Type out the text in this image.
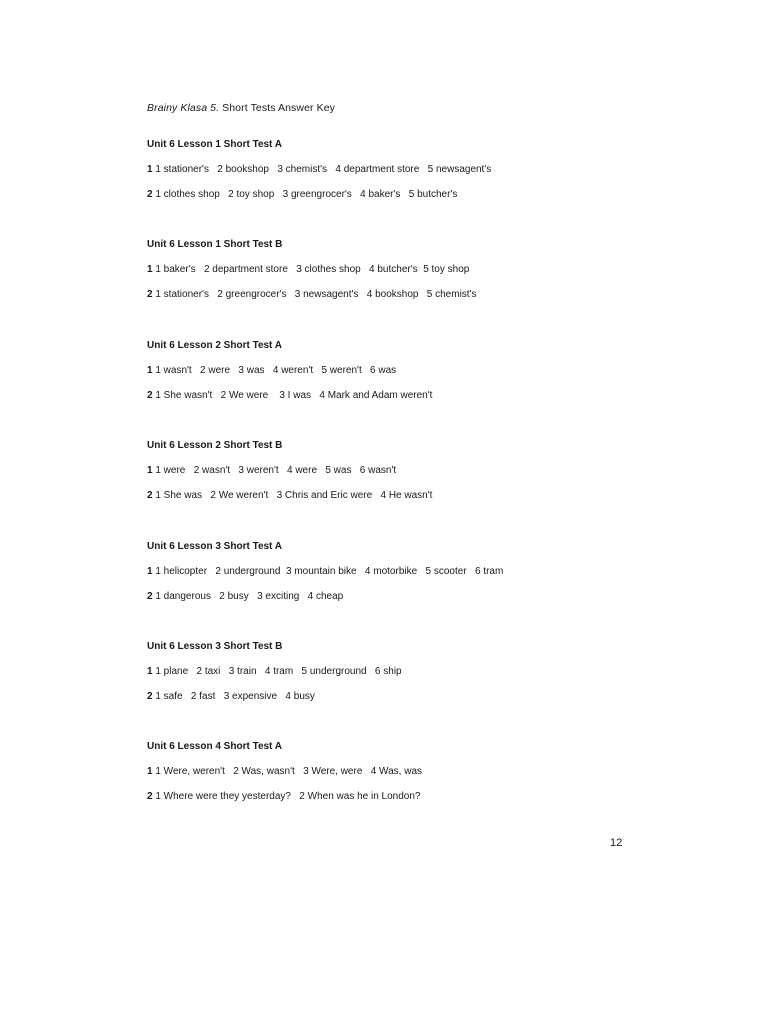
Brainy Klasa 5. Short Tests Answer Key

Unit 6 Lesson 1 Short Test A

1 1 stationer's   2 bookshop   3 chemist's   4 department store   5 newsagent's

2 1 clothes shop   2 toy shop   3 greengrocer's   4 baker's   5 butcher's

Unit 6 Lesson 1 Short Test B

1 1 baker's   2 department store   3 clothes shop   4 butcher's  5 toy shop

2 1 stationer's   2 greengrocer's   3 newsagent's   4 bookshop   5 chemist's

Unit 6 Lesson 2 Short Test A

1 1 wasn't   2 were   3 was   4 weren't   5 weren't   6 was

2 1 She wasn't   2 We were    3 I was   4 Mark and Adam weren't

Unit 6 Lesson 2 Short Test B

1 1 were   2 wasn't   3 weren't   4 were   5 was   6 wasn't

2 1 She was   2 We weren't   3 Chris and Eric were   4 He wasn't

Unit 6 Lesson 3 Short Test A

1 1 helicopter   2 underground  3 mountain bike   4 motorbike   5 scooter   6 tram

2 1 dangerous   2 busy   3 exciting   4 cheap

Unit 6 Lesson 3 Short Test B

1 1 plane   2 taxi   3 train   4 tram   5 underground   6 ship

2 1 safe   2 fast   3 expensive   4 busy

Unit 6 Lesson 4 Short Test A

1 1 Were, weren't   2 Was, wasn't   3 Were, were   4 Was, was

2 1 Where were they yesterday?   2 When was he in London?

12
